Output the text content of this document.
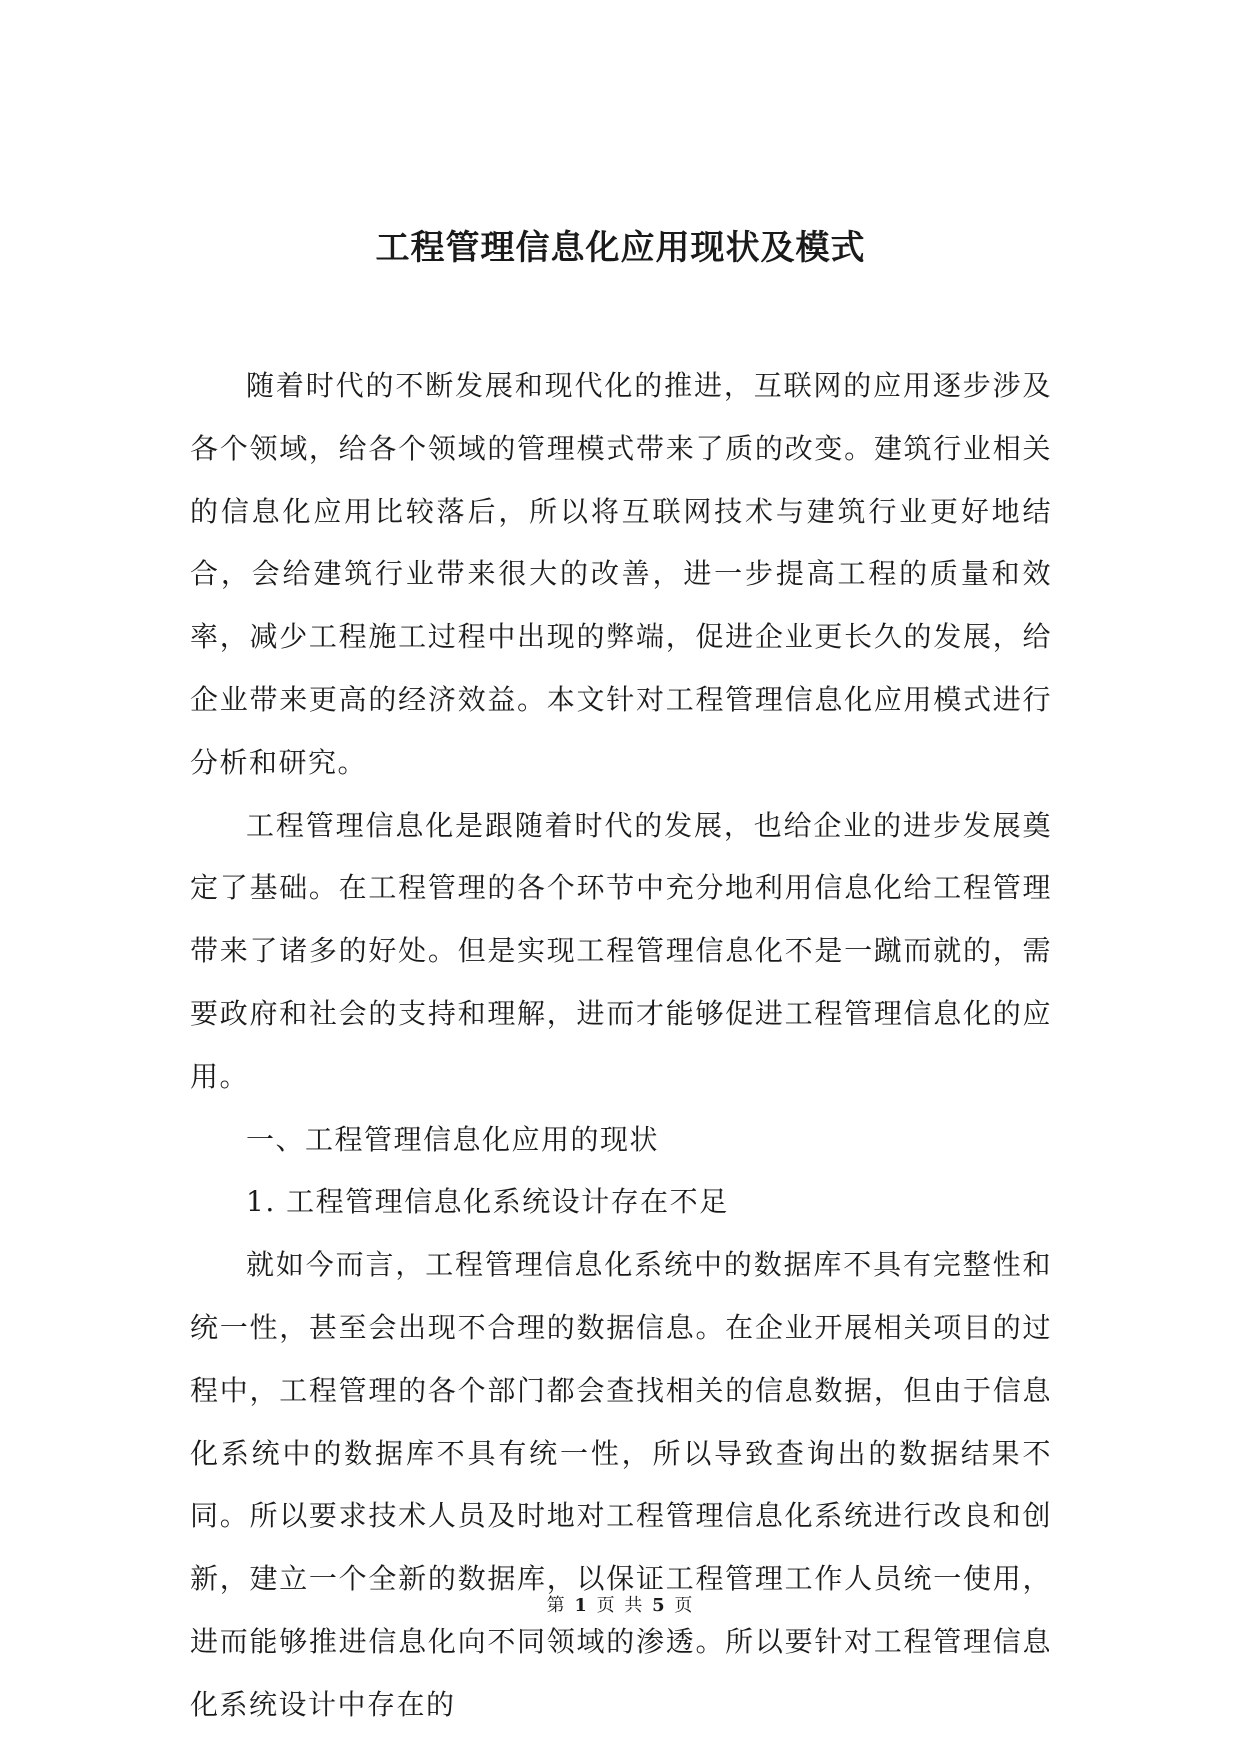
工程管理信息化应用现状及模式

随着时代的不断发展和现代化的推进，互联网的应用逐步涉及各个领域，给各个领域的管理模式带来了质的改变。建筑行业相关的信息化应用比较落后，所以将互联网技术与建筑行业更好地结合，会给建筑行业带来很大的改善，进一步提高工程的质量和效率，减少工程施工过程中出现的弊端，促进企业更长久的发展，给企业带来更高的经济效益。本文针对工程管理信息化应用模式进行分析和研究。

工程管理信息化是跟随着时代的发展，也给企业的进步发展奠定了基础。在工程管理的各个环节中充分地利用信息化给工程管理带来了诸多的好处。但是实现工程管理信息化不是一蹴而就的，需要政府和社会的支持和理解，进而才能够促进工程管理信息化的应用。

一、工程管理信息化应用的现状

1. 工程管理信息化系统设计存在不足

就如今而言，工程管理信息化系统中的数据库不具有完整性和统一性，甚至会出现不合理的数据信息。在企业开展相关项目的过程中，工程管理的各个部门都会查找相关的信息数据，但由于信息化系统中的数据库不具有统一性，所以导致查询出的数据结果不同。所以要求技术人员及时地对工程管理信息化系统进行改良和创新，建立一个全新的数据库，以保证工程管理工作人员统一使用，进而能够推进信息化向不同领域的渗透。所以要针对工程管理信息化系统设计中存在的

第 1 页 共 5 页
